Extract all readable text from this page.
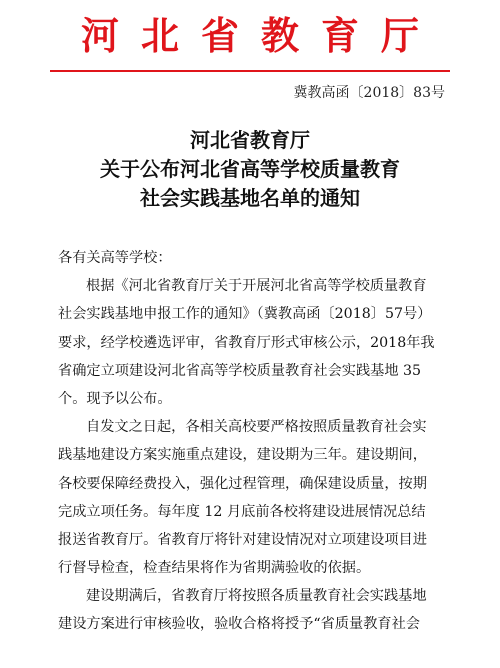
河北省教育厅
冀教高函〔2018〕83号
河北省教育厅
关于公布河北省高等学校质量教育
社会实践基地名单的通知
各有关高等学校：
根据《河北省教育厅关于开展河北省高等学校质量教育
社会实践基地申报工作的通知》（冀教高函〔2018〕57号）
要求，经学校遴选评审，省教育厅形式审核公示，2018年我
省确定立项建设河北省高等学校质量教育社会实践基地 35
个。现予以公布。
自发文之日起，各相关高校要严格按照质量教育社会实
践基地建设方案实施重点建设，建设期为三年。建设期间，
各校要保障经费投入，强化过程管理，确保建设质量，按期
完成立项任务。每年度 12 月底前各校将建设进展情况总结
报送省教育厅。省教育厅将针对建设情况对立项建设项目进
行督导检查，检查结果将作为省期满验收的依据。
建设期满后，省教育厅将按照各质量教育社会实践基地
建设方案进行审核验收，验收合格将授予“省质量教育社会
